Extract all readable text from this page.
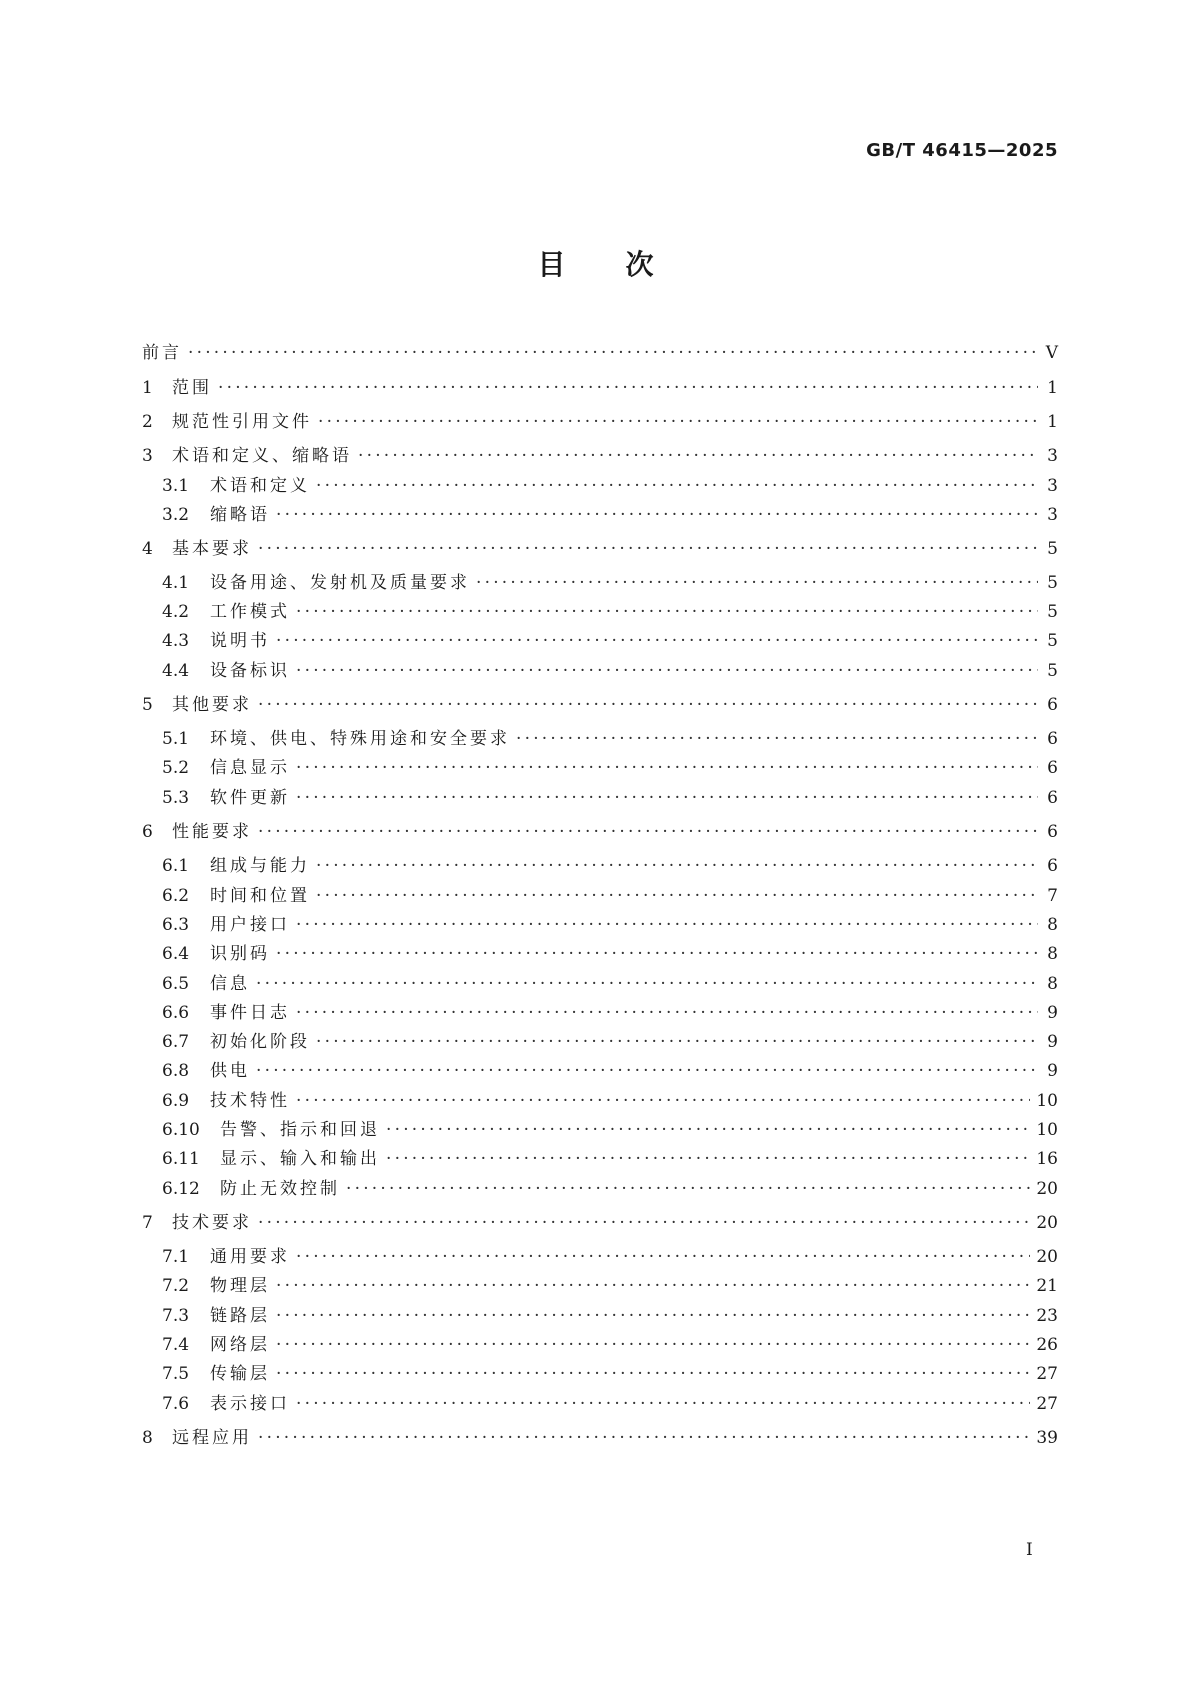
GB/T 46415—2025
目次
前言 ·····	Ⅴ
1	范围 ·····	1
2	规范性引用文件 ·····	1
3	术语和定义、缩略语 ·····	3
3.1	术语和定义 ·····	3
3.2	缩略语 ·····	3
4	基本要求 ·····	5
4.1	设备用途、发射机及质量要求 ·····	5
4.2	工作模式 ·····	5
4.3	说明书 ·····	5
4.4	设备标识 ·····	5
5	其他要求 ·····	6
5.1	环境、供电、特殊用途和安全要求 ·····	6
5.2	信息显示 ·····	6
5.3	软件更新 ·····	6
6	性能要求 ·····	6
6.1	组成与能力 ·····	6
6.2	时间和位置 ·····	7
6.3	用户接口 ·····	8
6.4	识别码 ·····	8
6.5	信息 ·····	8
6.6	事件日志 ·····	9
6.7	初始化阶段 ·····	9
6.8	供电 ·····	9
6.9	技术特性 ·····	10
6.10	告警、指示和回退 ·····	10
6.11	显示、输入和输出 ·····	16
6.12	防止无效控制 ·····	20
7	技术要求 ·····	20
7.1	通用要求 ·····	20
7.2	物理层 ·····	21
7.3	链路层 ·····	23
7.4	网络层 ·····	26
7.5	传输层 ·····	27
7.6	表示接口 ·····	27
8	远程应用 ·····	39
Ⅰ
